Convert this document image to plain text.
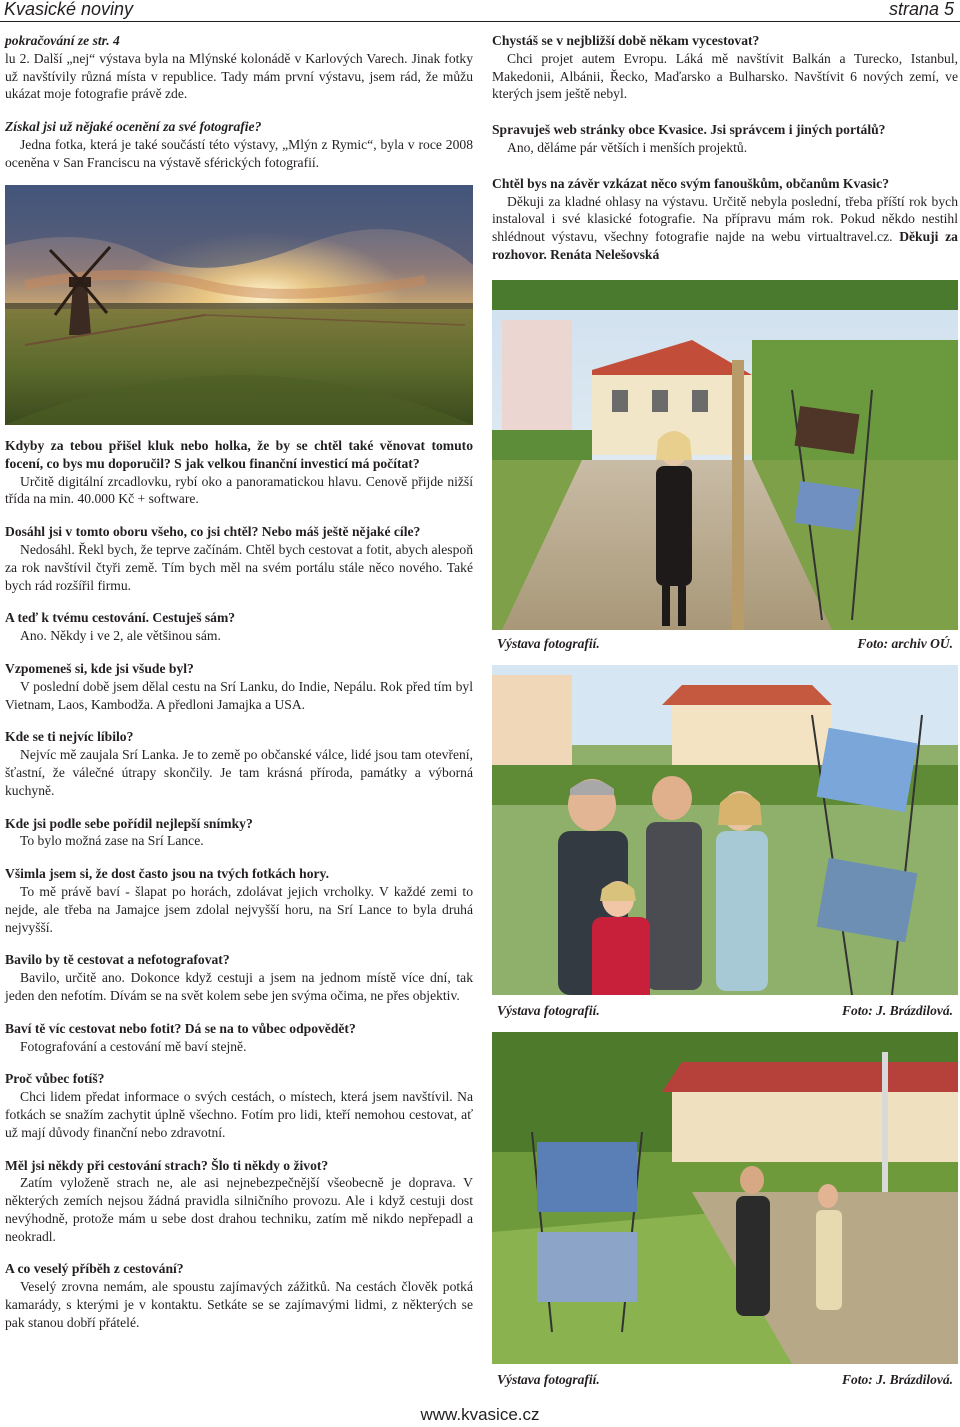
Kvasické noviny	strana 5

pokračování ze str. 4

lu 2. Další „nej“ výstava byla na Mlýnské kolonádě v Karlových Varech. Jinak fotky už navštívily různá místa v republice. Tady mám první výstavu, jsem rád, že můžu ukázat moje fotografie právě zde.

Získal jsi už nějaké ocenění za své fotografie?

Jedna fotka, která je také součástí této výstavy, „Mlýn z Rymic“, byla v roce 2008 oceněna v San Franciscu na výstavě sférických fotografií.

Chystáš se v nejbližší době někam vycestovat?

Chci projet autem Evropu. Láká mě navštívit Balkán a Turecko, Istanbul, Makedonii, Albánii, Řecko, Maďarsko a Bulharsko. Navštívit 6 nových zemí, ve kterých jsem ještě nebyl.

Spravuješ web stránky obce Kvasice. Jsi správcem i jiných portálů?

Ano, děláme pár větších i menších projektů.

Chtěl bys na závěr vzkázat něco svým fanouškům, občanům Kvasic?

Děkuji za kladné ohlasy na výstavu. Určitě nebyla poslední, třeba příští rok bych instaloval i své klasické fotografie. Na přípravu mám rok. Pokud někdo nestihl shlédnout výstavu, všechny fotografie najde na webu virtualtravel.cz. Děkuji za rozhovor. Renáta Nelešovská

Kdyby za tebou přišel kluk nebo holka, že by se chtěl také věnovat tomuto focení, co bys mu doporučil? S jak velkou finanční investicí má počítat?

Určitě digitální zrcadlovku, rybí oko a panoramatickou hlavu. Cenově přijde nižší třída na min. 40.000 Kč + software.

Dosáhl jsi v tomto oboru všeho, co jsi chtěl? Nebo máš ještě nějaké cíle?

Nedosáhl. Řekl bych, že teprve začínám. Chtěl bych cestovat a fotit, abych alespoň za rok navštívil čtyři země. Tím bych měl na svém portálu stále něco nového. Také bych rád rozšířil firmu.

A teď k tvému cestování. Cestuješ sám?

Ano. Někdy i ve 2, ale většinou sám.

Vzpomeneš si, kde jsi všude byl?

V poslední době jsem dělal cestu na Srí Lanku, do Indie, Nepálu. Rok před tím byl Vietnam, Laos, Kambodža. A předloni Jamajka a USA.

Kde se ti nejvíc líbilo?

Nejvíc mě zaujala Srí Lanka. Je to země po občanské válce, lidé jsou tam otevření, šťastní, že válečné útrapy skončily. Je tam krásná příroda, památky a výborná kuchyně.

Kde jsi podle sebe pořídil nejlepší snímky?

To bylo možná zase na Srí Lance.

Všimla jsem si, že dost často jsou na tvých fotkách hory.

To mě právě baví - šlapat po horách, zdolávat jejich vrcholky. V každé zemi to nejde, ale třeba na Jamajce jsem zdolal nejvyšší horu, na Srí Lance to byla druhá nejvyšší.

Bavilo by tě cestovat a nefotografovat?

Bavilo, určitě ano. Dokonce když cestuji a jsem na jednom místě více dní, tak jeden den nefotím. Dívám se na svět kolem sebe jen svýma očima, ne přes objektiv.

Baví tě víc cestovat nebo fotit? Dá se na to vůbec odpovědět?

Fotografování a cestování mě baví stejně.

Proč vůbec fotíš?

Chci lidem předat informace o svých cestách, o místech, která jsem navštívil. Na fotkách se snažím zachytit úplně všechno. Fotím pro lidi, kteří nemohou cestovat, ať už mají důvody finanční nebo zdravotní.

Měl jsi někdy při cestování strach? Šlo ti někdy o život?

Zatím vyloženě strach ne, ale asi nejnebezpečnější všeobecně je doprava. V některých zemích nejsou žádná pravidla silničního provozu. Ale i když cestuji dost nevýhodně, protože mám u sebe dost drahou techniku, zatím mě nikdo nepřepadl a neokradl.

A co veselý příběh z cestování?

Veselý zrovna nemám, ale spoustu zajímavých zážitků. Na cestách člověk potká kamarády, s kterými je v kontaktu. Setkáte se se zajímavými lidmi, z některých se pak stanou dobří přátelé.

Výstava fotografií.	Foto: archiv OÚ.
Výstava fotografií.	Foto: J. Brázdilová.
Výstava fotografií.	Foto: J. Brázdilová.
www.kvasice.cz
